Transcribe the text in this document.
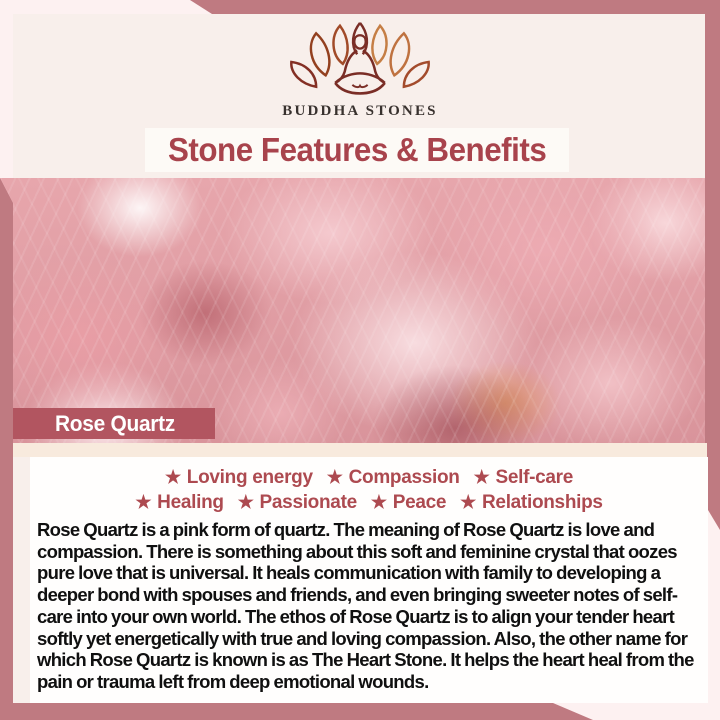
BUDDHA STONES
Stone Features & Benefits
Rose Quartz
★ Loving energy ★ Compassion ★ Self-care
★ Healing ★ Passionate ★ Peace ★ Relationships
Rose Quartz is a pink form of quartz. The meaning of Rose Quartz is love and compassion. There is something about this soft and feminine crystal that oozes pure love that is universal. It heals communication with family to developing a deeper bond with spouses and friends, and even bringing sweeter notes of self-care into your own world. The ethos of Rose Quartz is to align your tender heart softly yet energetically with true and loving compassion. Also, the other name for which Rose Quartz is known is as The Heart Stone. It helps the heart heal from the pain or trauma left from deep emotional wounds.
